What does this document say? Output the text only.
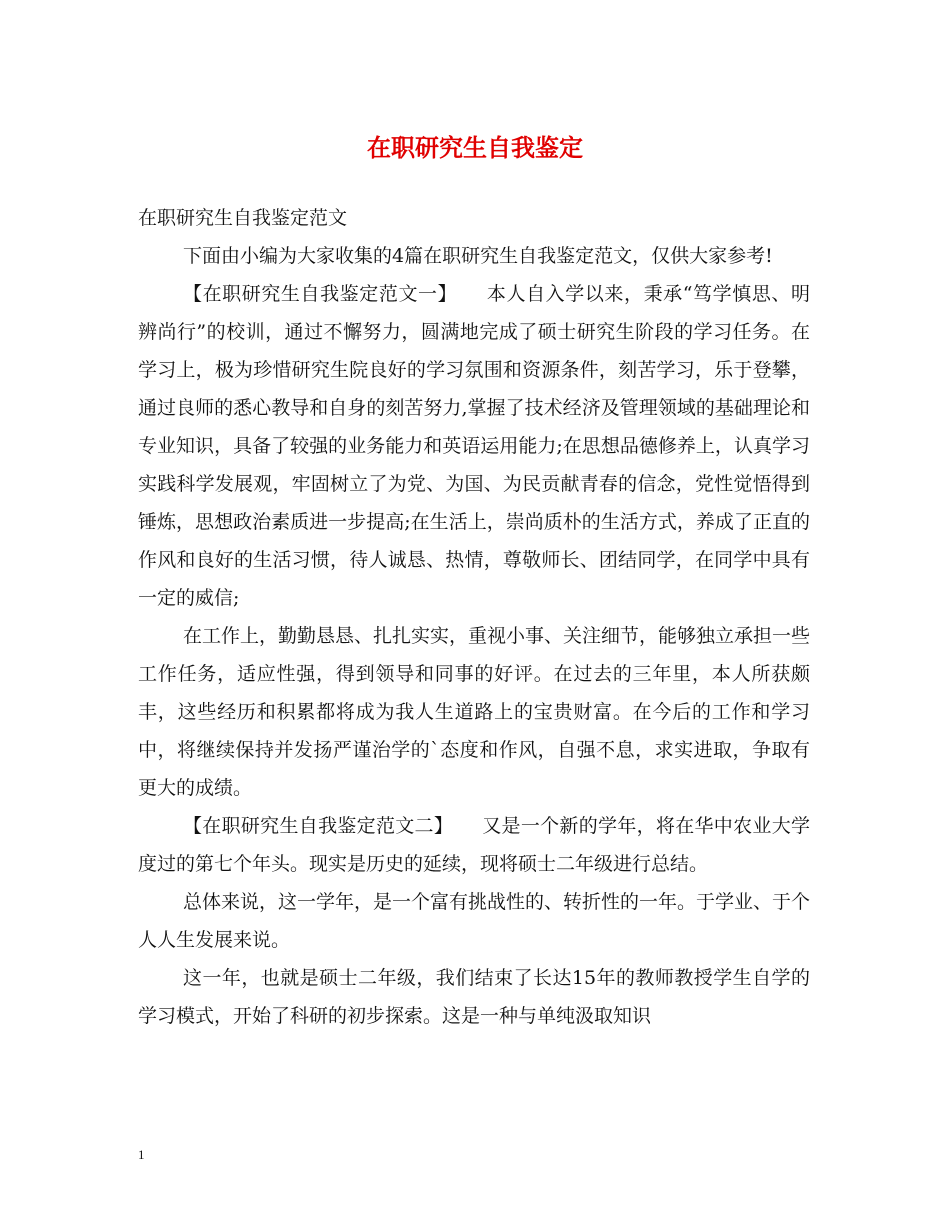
在职研究生自我鉴定

在职研究生自我鉴定范文

下面由小编为大家收集的4篇在职研究生自我鉴定范文，仅供大家参考!

【在职研究生自我鉴定范文一】　　本人自入学以来，秉承“笃学慎思、明辨尚行”的校训，通过不懈努力，圆满地完成了硕士研究生阶段的学习任务。在学习上，极为珍惜研究生院良好的学习氛围和资源条件，刻苦学习，乐于登攀，通过良师的悉心教导和自身的刻苦努力,掌握了技术经济及管理领域的基础理论和专业知识，具备了较强的业务能力和英语运用能力;在思想品德修养上，认真学习实践科学发展观，牢固树立了为党、为国、为民贡献青春的信念，党性觉悟得到锤炼，思想政治素质进一步提高;在生活上，崇尚质朴的生活方式，养成了正直的作风和良好的生活习惯，待人诚恳、热情，尊敬师长、团结同学，在同学中具有一定的威信;

在工作上，勤勤恳恳、扎扎实实，重视小事、关注细节，能够独立承担一些工作任务，适应性强，得到领导和同事的好评。在过去的三年里，本人所获颇丰，这些经历和积累都将成为我人生道路上的宝贵财富。在今后的工作和学习中，将继续保持并发扬严谨治学的`态度和作风，自强不息，求实进取，争取有更大的成绩。

【在职研究生自我鉴定范文二】　　又是一个新的学年，将在华中农业大学度过的第七个年头。现实是历史的延续，现将硕士二年级进行总结。

总体来说，这一学年，是一个富有挑战性的、转折性的一年。于学业、于个人人生发展来说。

这一年，也就是硕士二年级，我们结束了长达15年的教师教授学生自学的学习模式，开始了科研的初步探索。这是一种与单纯汲取知识

1
